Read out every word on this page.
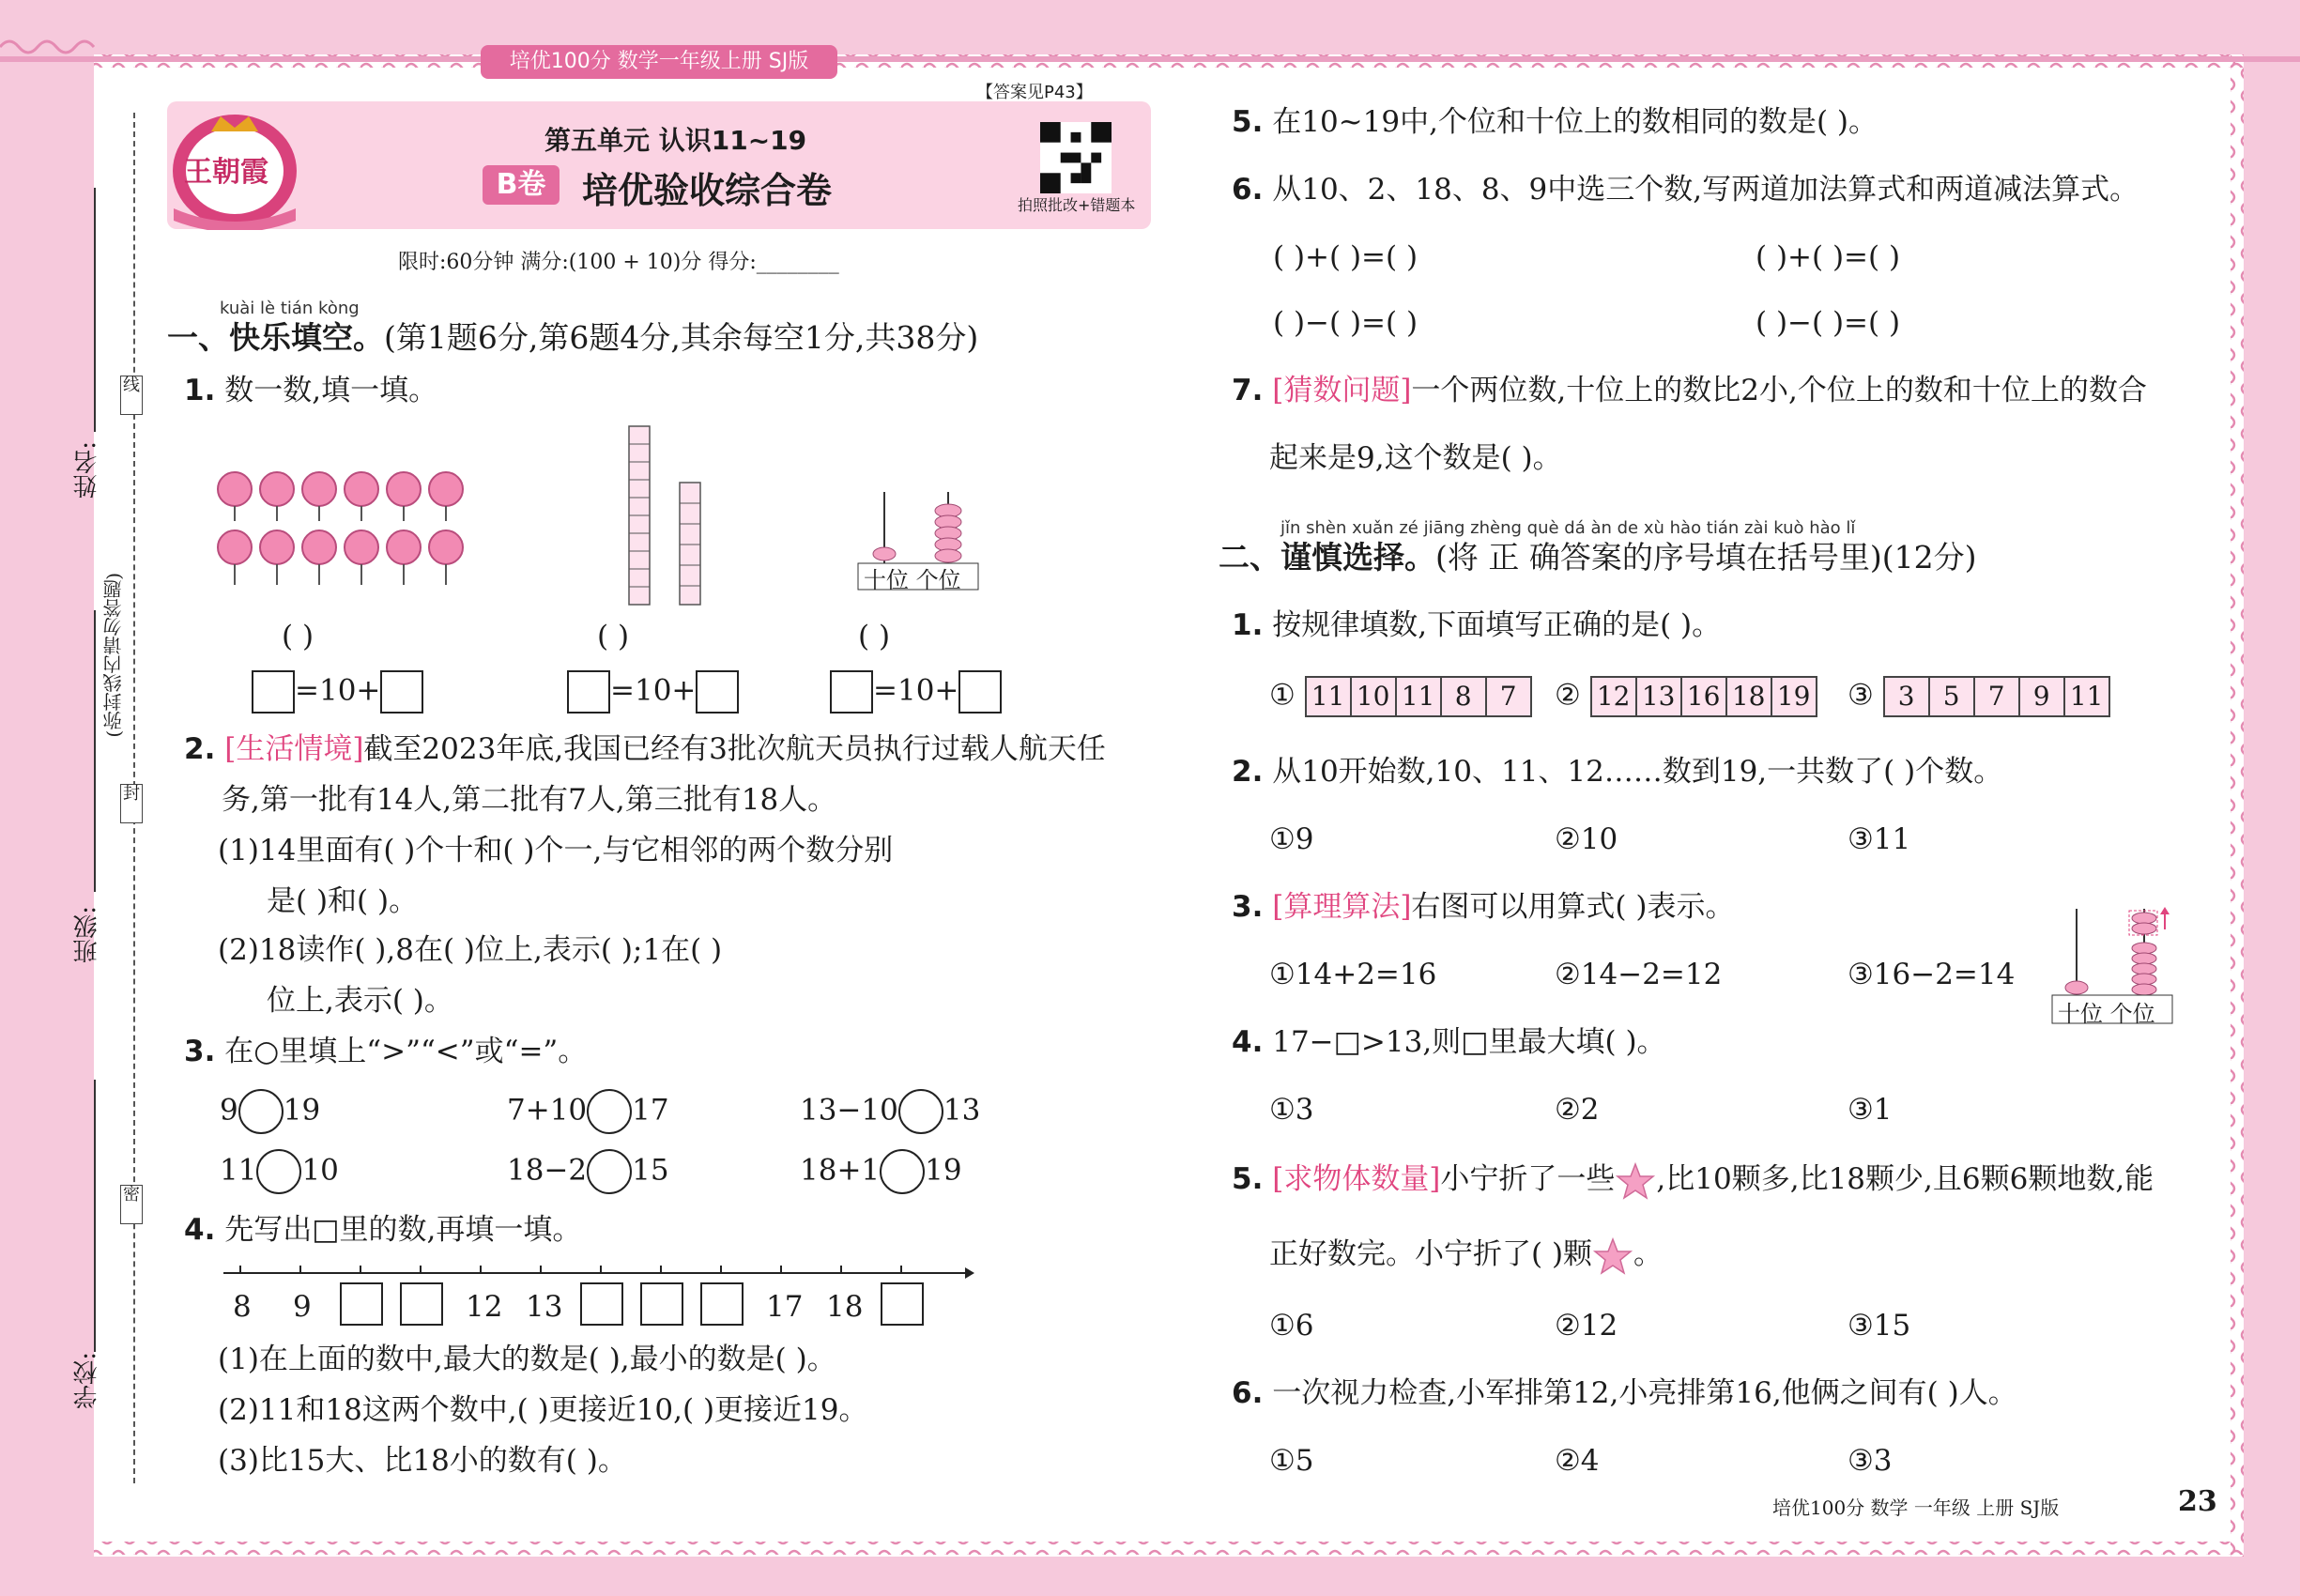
培优100分 数学一年级上册 SJ版
线
封
密
姓名:
(弥封线内请勿答题)
班级:
学校:
【答案见P43】
王朝霞
第五单元 认识11~19
B卷	培优验收综合卷	拍照批改+错题本
限时:60分钟 满分:(100 + 10)分 得分:________
kuài lè tián kòng
一、快乐填空。(第1题6分,第6题4分,其余每空1分,共38分)
1. 数一数,填一填。
十位 个位
( )	( )	( )
=10+	=10+	=10+
2. [生活情境]截至2023年底,我国已经有3批次航天员执行过载人航天任
务,第一批有14人,第二批有7人,第三批有18人。
(1)14里面有( )个十和( )个一,与它相邻的两个数分别
是( )和( )。
(2)18读作( ),8在( )位上,表示( );1在( )
位上,表示( )。
3. 在○里填上“>”“<”或“=”。
9 19	7+10 17	13−10 13
11 10	18−2 15	18+1 19
4. 先写出□里的数,再填一填。
8 9	12 13	17 18
(1)在上面的数中,最大的数是( ),最小的数是( )。
(2)11和18这两个数中,( )更接近10,( )更接近19。
(3)比15大、比18小的数有( )。
5. 在10~19中,个位和十位上的数相同的数是( )。
6. 从10、2、18、8、9中选三个数,写两道加法算式和两道减法算式。
( )+( )=( )	( )+( )=( )
( )−( )=( )	( )−( )=( )
7. [猜数问题]一个两位数,十位上的数比2小,个位上的数和十位上的数合
起来是9,这个数是( )。
jǐn shèn xuǎn zé jiāng zhèng què dá àn de xù hào tián zài kuò hào lǐ
二、谨慎选择。(将 正 确答案的序号填在括号里)(12分)
1. 按规律填数,下面填写正确的是( )。
① 11 10 11 8	7	② 12 13 16 18 19 ③ 3	5	7	9 11
2. 从10开始数,10、11、12……数到19,一共数了( )个数。
①9	②10	③11
3. [算理算法]右图可以用算式( )表示。
①14+2=16	②14−2=12	③16−2=14
十位 个位
4. 17−□>13,则□里最大填( )。
①3	②2	③1
5. [求物体数量]小宁折了一些 ,比10颗多,比18颗少,且6颗6颗地数,能
正好数完。小宁折了( )颗 。
①6	②12	③15
6. 一次视力检查,小军排第12,小亮排第16,他俩之间有( )人。
①5	②4	③3
培优100分 数学 一年级 上册 SJ版	23
